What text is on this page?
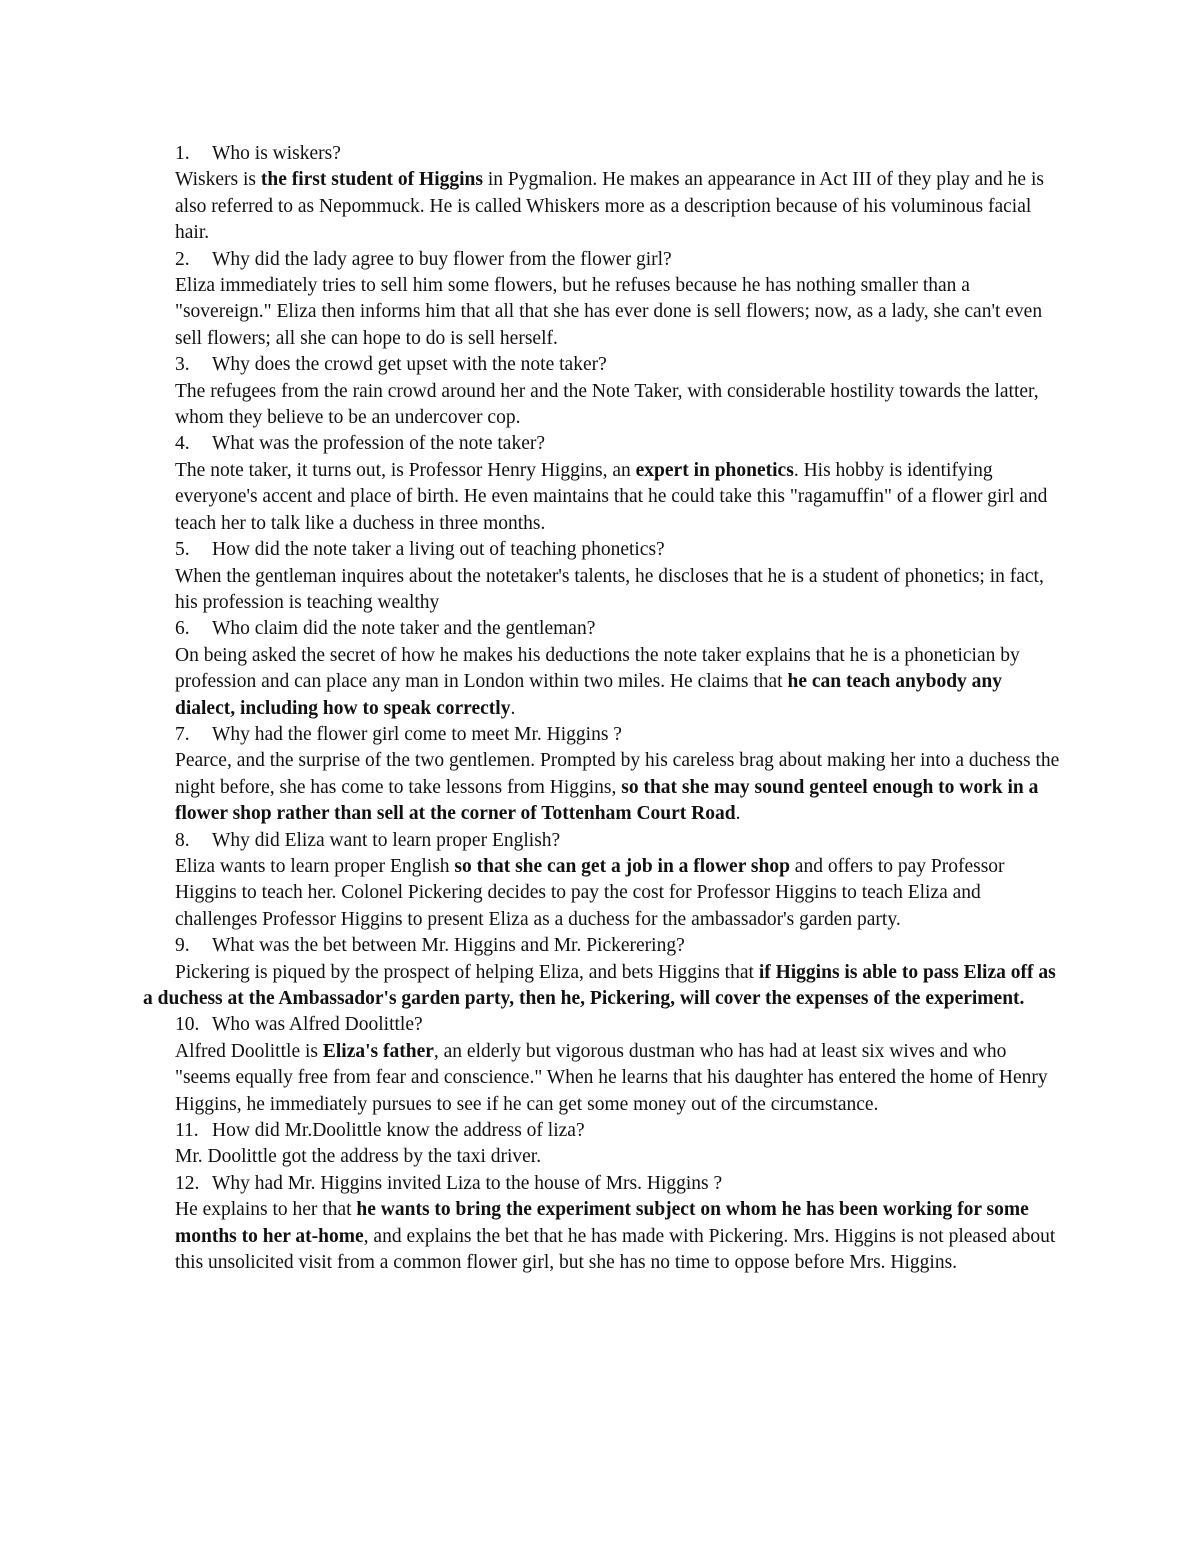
1. Who is wiskers?

Wiskers is the first student of Higgins in Pygmalion. He makes an appearance in Act III of they play and he is also referred to as Nepommuck. He is called Whiskers more as a description because of his voluminous facial hair.

2. Why did the lady agree to buy flower from the flower girl?

Eliza immediately tries to sell him some flowers, but he refuses because he has nothing smaller than a "sovereign." Eliza then informs him that all that she has ever done is sell flowers; now, as a lady, she can't even sell flowers; all she can hope to do is sell herself.

3. Why does the crowd get upset with the note taker?

The refugees from the rain crowd around her and the Note Taker, with considerable hostility towards the latter, whom they believe to be an undercover cop.

4. What was the profession of the note taker?

The note taker, it turns out, is Professor Henry Higgins, an expert in phonetics. His hobby is identifying everyone's accent and place of birth. He even maintains that he could take this "ragamuffin" of a flower girl and teach her to talk like a duchess in three months.

5. How did the note taker a living out of teaching phonetics?

When the gentleman inquires about the notetaker's talents, he discloses that he is a student of phonetics; in fact, his profession is teaching wealthy

6. Who claim did the note taker and the gentleman?

On being asked the secret of how he makes his deductions the note taker explains that he is a phonetician by profession and can place any man in London within two miles. He claims that he can teach anybody any dialect, including how to speak correctly.

7. Why had the flower girl come to meet Mr. Higgins ?

Pearce, and the surprise of the two gentlemen. Prompted by his careless brag about making her into a duchess the night before, she has come to take lessons from Higgins, so that she may sound genteel enough to work in a flower shop rather than sell at the corner of Tottenham Court Road.

8. Why did Eliza want to learn proper English?

Eliza wants to learn proper English so that she can get a job in a flower shop and offers to pay Professor Higgins to teach her. Colonel Pickering decides to pay the cost for Professor Higgins to teach Eliza and challenges Professor Higgins to present Eliza as a duchess for the ambassador's garden party.

9. What was the bet between Mr. Higgins and Mr. Pickerering?

Pickering is piqued by the prospect of helping Eliza, and bets Higgins that if Higgins is able to pass Eliza off as a duchess at the Ambassador's garden party, then he, Pickering, will cover the expenses of the experiment.

10. Who was Alfred Doolittle?

Alfred Doolittle is Eliza's father, an elderly but vigorous dustman who has had at least six wives and who "seems equally free from fear and conscience." When he learns that his daughter has entered the home of Henry Higgins, he immediately pursues to see if he can get some money out of the circumstance.

11. How did Mr.Doolittle know the address of liza?

Mr. Doolittle got the address by the taxi driver.

12. Why had Mr. Higgins invited Liza to the house of Mrs. Higgins ?

He explains to her that he wants to bring the experiment subject on whom he has been working for some months to her at-home, and explains the bet that he has made with Pickering. Mrs. Higgins is not pleased about this unsolicited visit from a common flower girl, but she has no time to oppose before Mrs. Higgins.
